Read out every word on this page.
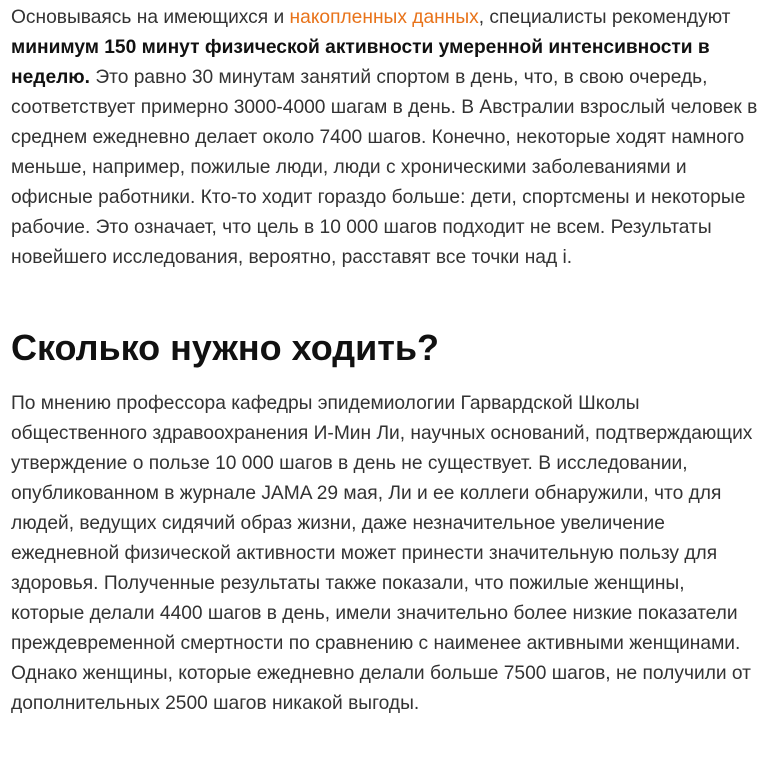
Основываясь на имеющихся и накопленных данных, специалисты рекомендуют минимум 150 минут физической активности умеренной интенсивности в неделю. Это равно 30 минутам занятий спортом в день, что, в свою очередь, соответствует примерно 3000-4000 шагам в день. В Австралии взрослый человек в среднем ежедневно делает около 7400 шагов. Конечно, некоторые ходят намного меньше, например, пожилые люди, люди с хроническими заболеваниями и офисные работники. Кто-то ходит гораздо больше: дети, спортсмены и некоторые рабочие. Это означает, что цель в 10 000 шагов подходит не всем. Результаты новейшего исследования, вероятно, расставят все точки над i.

Сколько нужно ходить?

По мнению профессора кафедры эпидемиологии Гарвардской Школы общественного здравоохранения И-Мин Ли, научных оснований, подтверждающих утверждение о пользе 10 000 шагов в день не существует. В исследовании, опубликованном в журнале JAMA 29 мая, Ли и ее коллеги обнаружили, что для людей, ведущих сидячий образ жизни, даже незначительное увеличение ежедневной физической активности может принести значительную пользу для здоровья. Полученные результаты также показали, что пожилые женщины, которые делали 4400 шагов в день, имели значительно более низкие показатели преждевременной смертности по сравнению с наименее активными женщинами. Однако женщины, которые ежедневно делали больше 7500 шагов, не получили от дополнительных 2500 шагов никакой выгоды.
